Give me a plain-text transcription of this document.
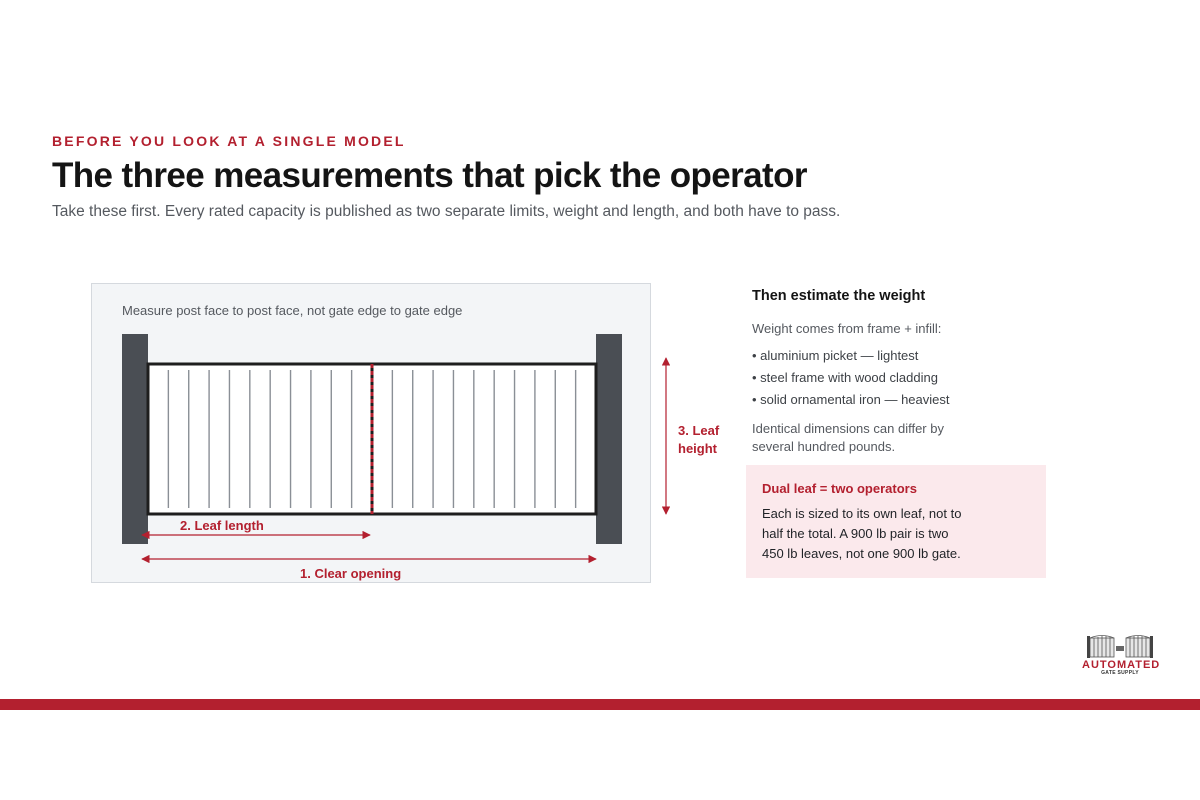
BEFORE YOU LOOK AT A SINGLE MODEL

The three measurements that pick the operator

Take these first. Every rated capacity is published as two separate limits, weight and length, and both have to pass.

Measure post face to post face, not gate edge to gate edge
2. Leaf length
1. Clear opening
3. Leaf
height
Then estimate the weight

Weight comes from frame + infill:

• aluminium picket — lightest
• steel frame with wood cladding
• solid ornamental iron — heaviest

Identical dimensions can differ by several hundred pounds.

Dual leaf = two operators

Each is sized to its own leaf, not to half the total. A 900 lb pair is two 450 lb leaves, not one 900 lb gate.

AUTOMATED
GATE SUPPLY
